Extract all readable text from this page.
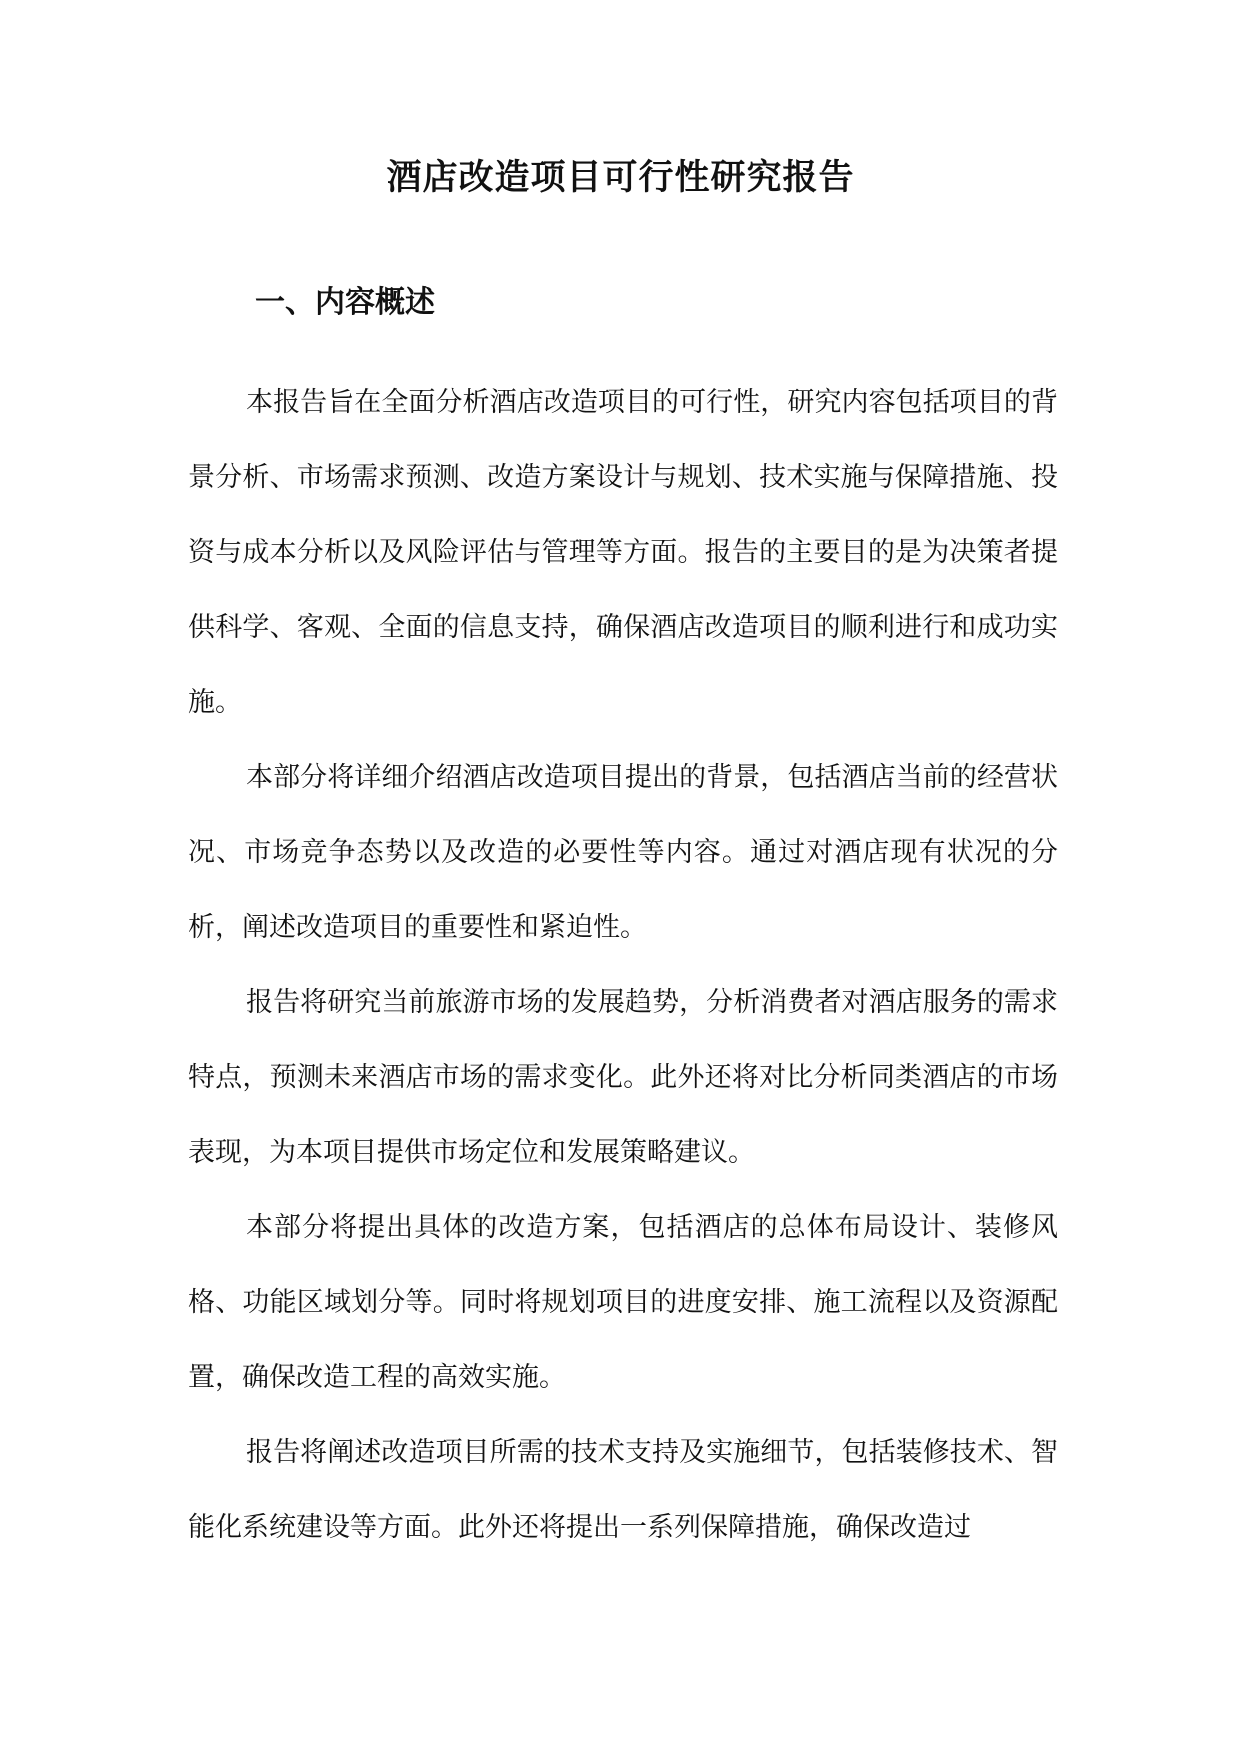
酒店改造项目可行性研究报告
一、内容概述

本报告旨在全面分析酒店改造项目的可行性，研究内容包括项目的背景分析、市场需求预测、改造方案设计与规划、技术实施与保障措施、投资与成本分析以及风险评估与管理等方面。报告的主要目的是为决策者提供科学、客观、全面的信息支持，确保酒店改造项目的顺利进行和成功实施。

本部分将详细介绍酒店改造项目提出的背景，包括酒店当前的经营状况、市场竞争态势以及改造的必要性等内容。通过对酒店现有状况的分析，阐述改造项目的重要性和紧迫性。

报告将研究当前旅游市场的发展趋势，分析消费者对酒店服务的需求特点，预测未来酒店市场的需求变化。此外还将对比分析同类酒店的市场表现，为本项目提供市场定位和发展策略建议。

本部分将提出具体的改造方案，包括酒店的总体布局设计、装修风格、功能区域划分等。同时将规划项目的进度安排、施工流程以及资源配置，确保改造工程的高效实施。

报告将阐述改造项目所需的技术支持及实施细节，包括装修技术、智能化系统建设等方面。此外还将提出一系列保障措施，确保改造过
